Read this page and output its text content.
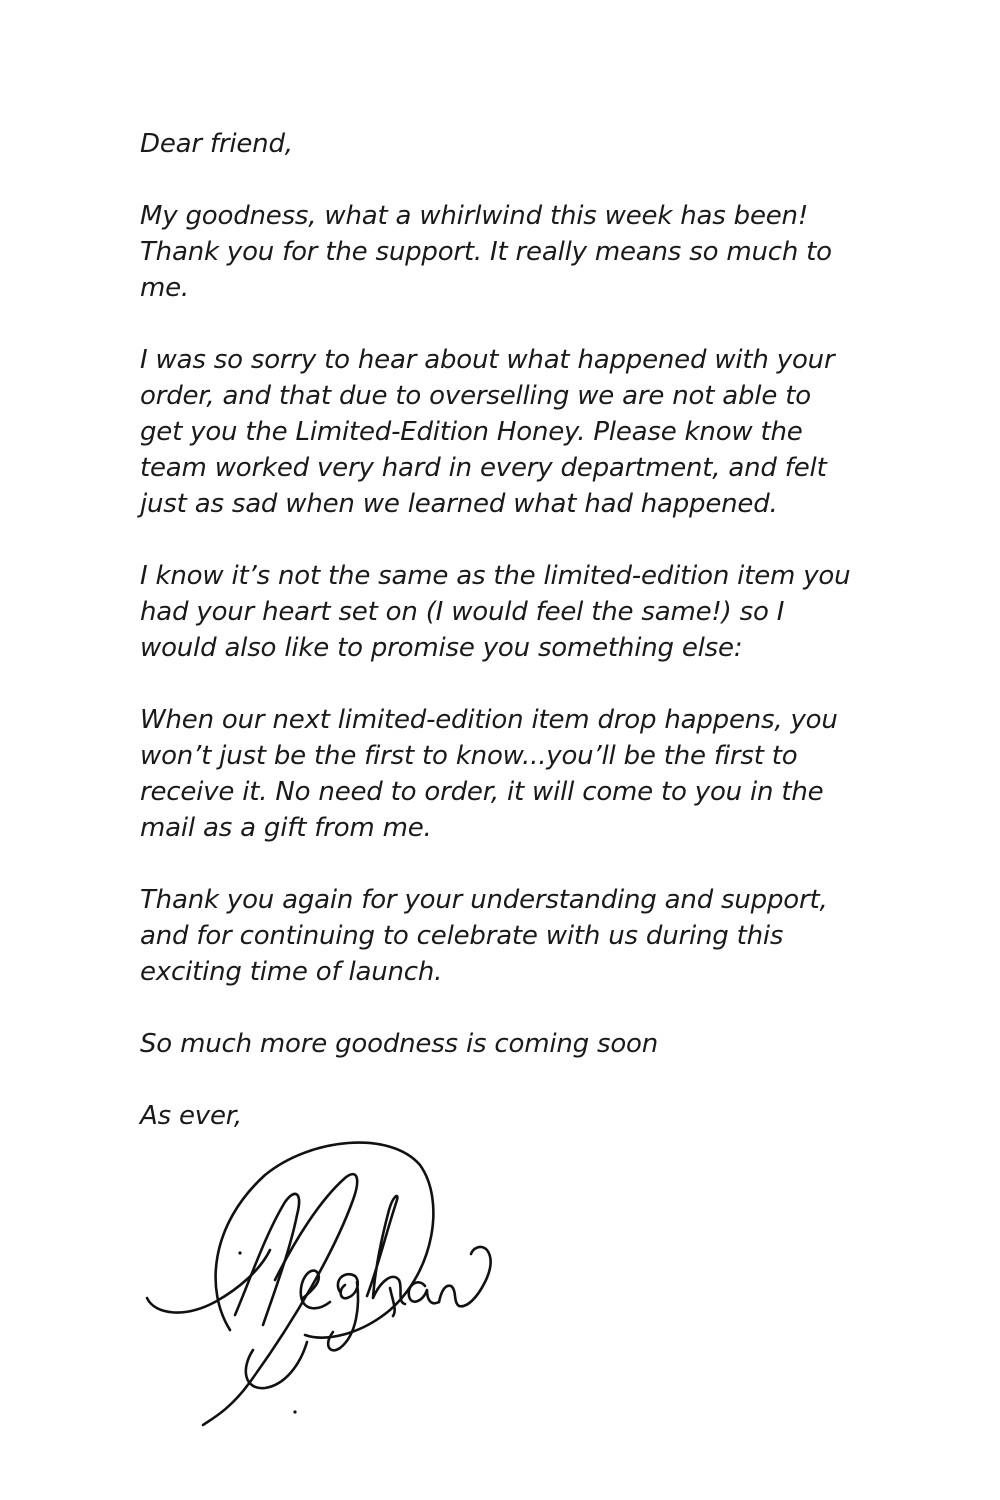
Dear friend,

My goodness, what a whirlwind this week has been!
Thank you for the support. It really means so much to
me.

I was so sorry to hear about what happened with your
order, and that due to overselling we are not able to
get you the Limited-Edition Honey. Please know the
team worked very hard in every department, and felt
just as sad when we learned what had happened.

I know it’s not the same as the limited-edition item you
had your heart set on (I would feel the same!) so I
would also like to promise you something else:

When our next limited-edition item drop happens, you
won’t just be the first to know...you’ll be the first to
receive it. No need to order, it will come to you in the
mail as a gift from me.

Thank you again for your understanding and support,
and for continuing to celebrate with us during this
exciting time of launch.

So much more goodness is coming soon

As ever,
